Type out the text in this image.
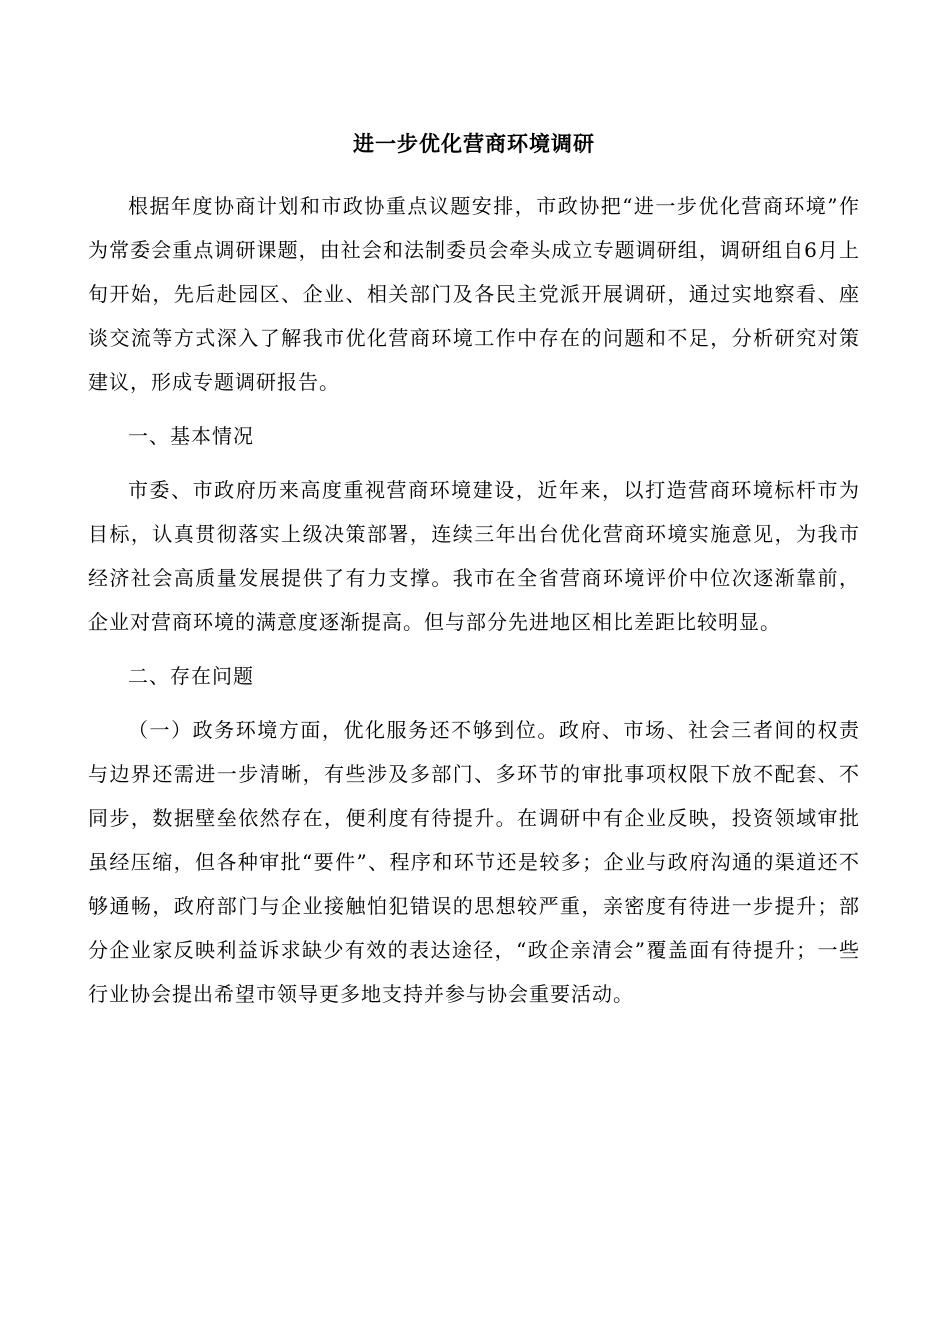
进一步优化营商环境调研

根据年度协商计划和市政协重点议题安排，市政协把“进一步优化营商环境”作为常委会重点调研课题，由社会和法制委员会牵头成立专题调研组，调研组自6月上旬开始，先后赴园区、企业、相关部门及各民主党派开展调研，通过实地察看、座谈交流等方式深入了解我市优化营商环境工作中存在的问题和不足，分析研究对策建议，形成专题调研报告。

一、基本情况

市委、市政府历来高度重视营商环境建设，近年来，以打造营商环境标杆市为目标，认真贯彻落实上级决策部署，连续三年出台优化营商环境实施意见，为我市经济社会高质量发展提供了有力支撑。我市在全省营商环境评价中位次逐渐靠前，企业对营商环境的满意度逐渐提高。但与部分先进地区相比差距比较明显。

二、存在问题

（一）政务环境方面，优化服务还不够到位。政府、市场、社会三者间的权责与边界还需进一步清晰，有些涉及多部门、多环节的审批事项权限下放不配套、不同步，数据壁垒依然存在，便利度有待提升。在调研中有企业反映，投资领域审批虽经压缩，但各种审批“要件”、程序和环节还是较多；企业与政府沟通的渠道还不够通畅，政府部门与企业接触怕犯错误的思想较严重，亲密度有待进一步提升；部分企业家反映利益诉求缺少有效的表达途径，“政企亲清会”覆盖面有待提升；一些行业协会提出希望市领导更多地支持并参与协会重要活动。
